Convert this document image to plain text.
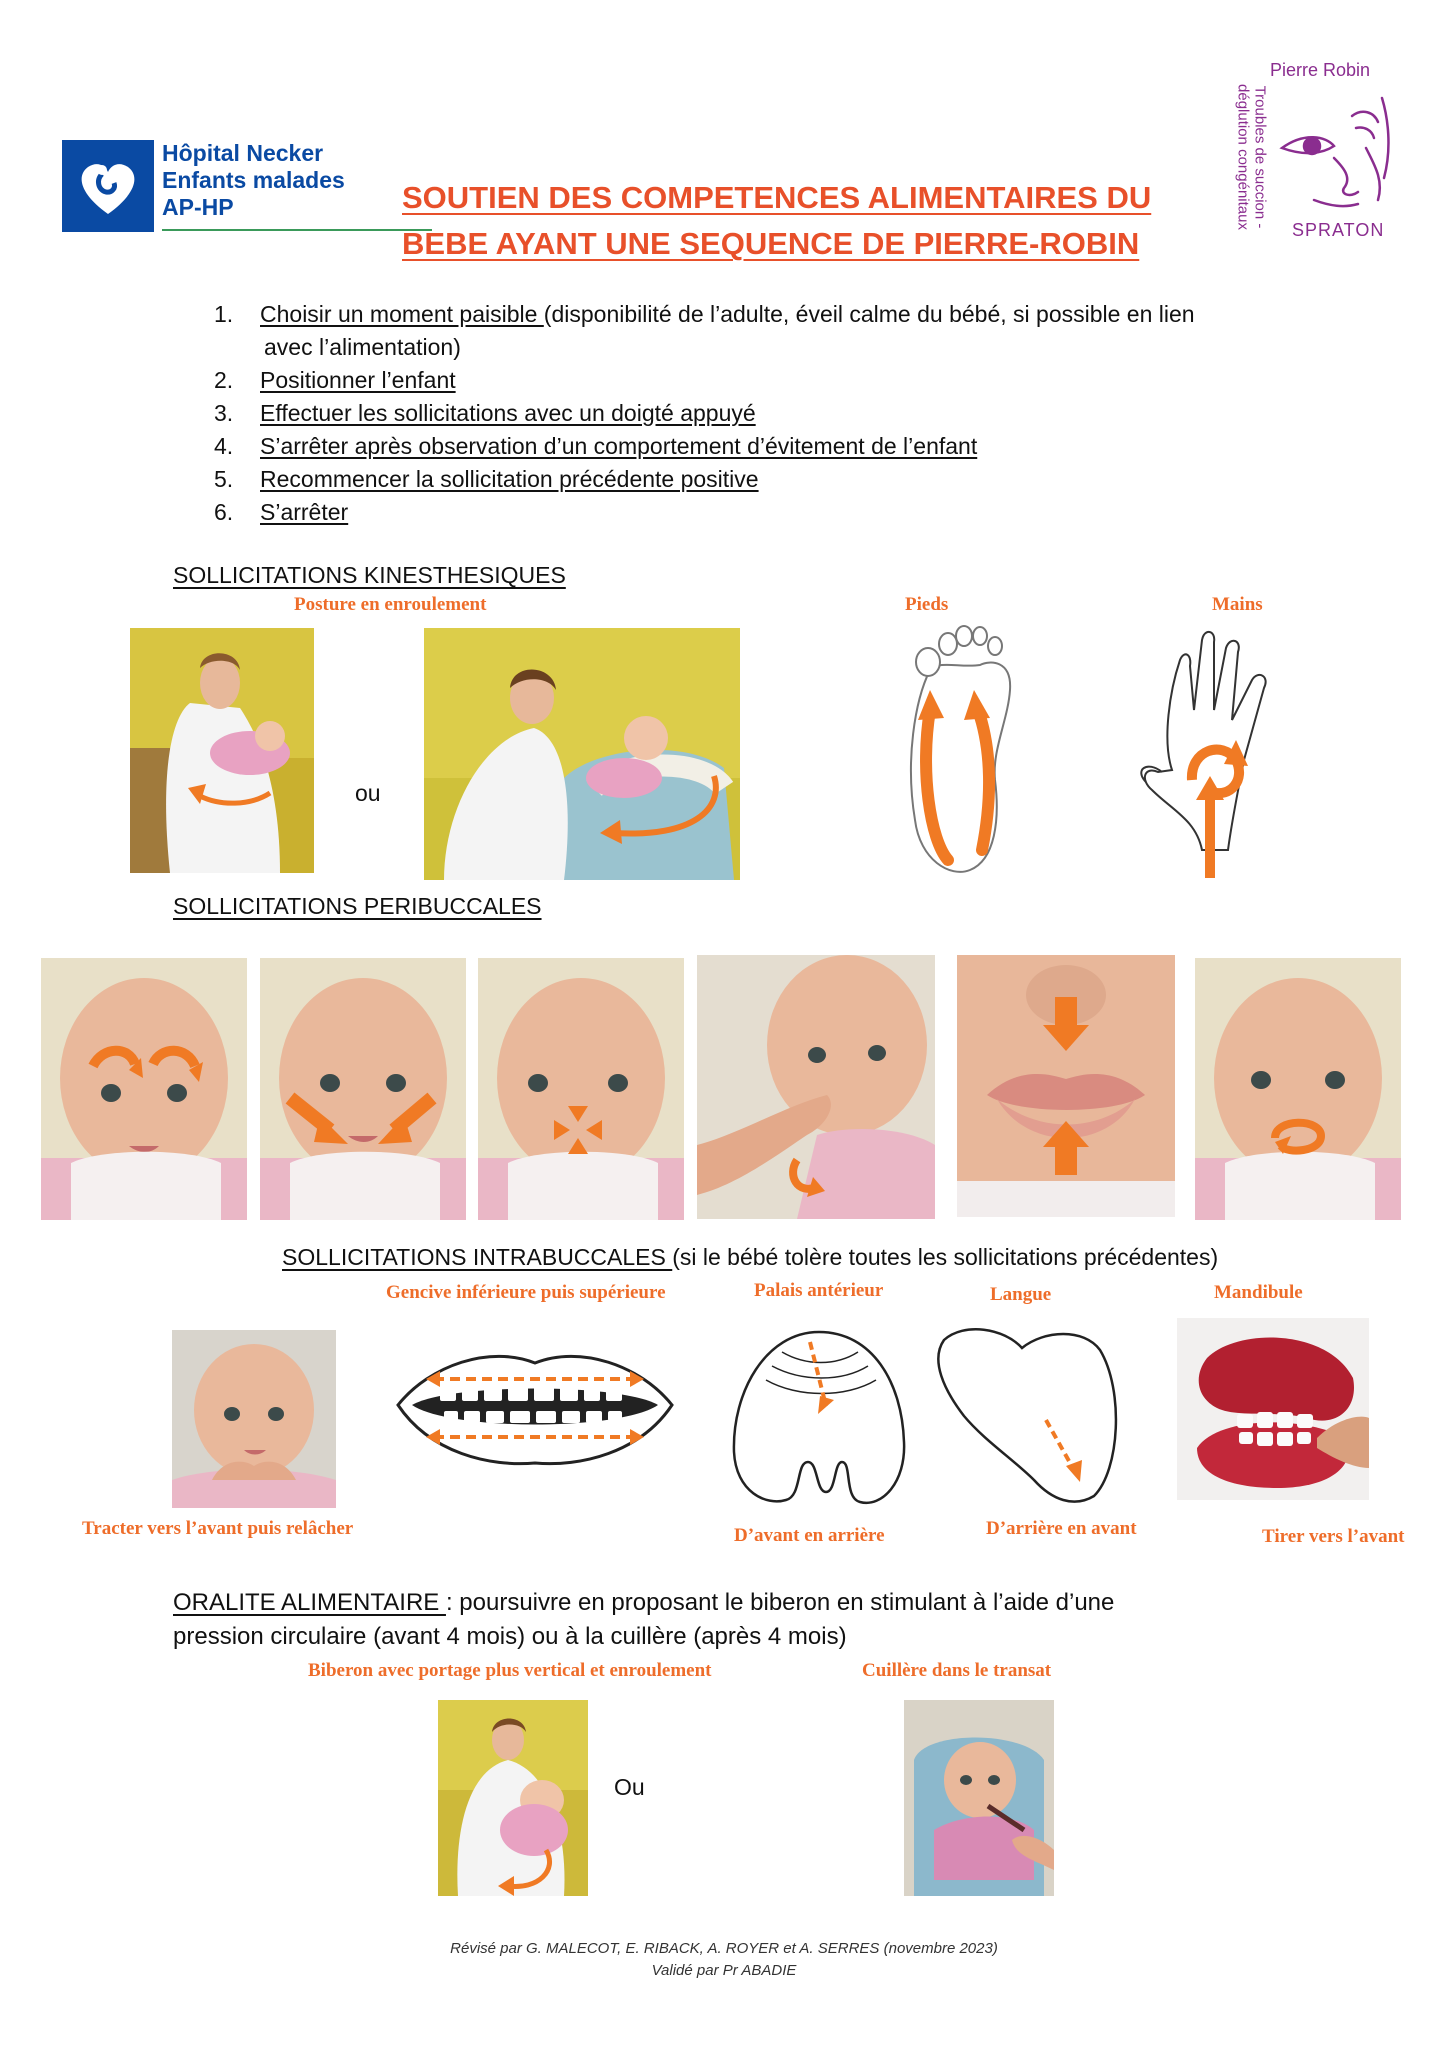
Hôpital Necker
Enfants malades
AP-HP	SOUTIEN DES COMPETENCES ALIMENTAIRES DU
BEBE AYANT UNE SEQUENCE DE PIERRE-ROBIN
Pierre Robin
Troubles de succion -
déglution congénitaux
SPRATON
1. Choisir un moment paisible (disponibilité de l’adulte, éveil calme du bébé, si possible en lien
avec l’alimentation)
2. Positionner l’enfant
3. Effectuer les sollicitations avec un doigté appuyé
4. S’arrêter après observation d’un comportement d’évitement de l’enfant
5. Recommencer la sollicitation précédente positive
6. S’arrêter
SOLLICITATIONS KINESTHESIQUES
Posture en enroulement	Pieds	Mains
ou
SOLLICITATIONS PERIBUCCALES
SOLLICITATIONS INTRABUCCALES (si le bébé tolère toutes les sollicitations précédentes)
Gencive inférieure puis supérieure	Palais antérieur	Langue	Mandibule
Tracter vers l’avant puis relâcher	D’avant en arrière	D’arrière en avant	Tirer vers l’avant
ORALITE ALIMENTAIRE : poursuivre en proposant le biberon en stimulant à l’aide d’une
pression circulaire (avant 4 mois) ou à la cuillère (après 4 mois)
Biberon avec portage plus vertical et enroulement	Cuillère dans le transat
Ou
Révisé par G. MALECOT, E. RIBACK, A. ROYER et A. SERRES (novembre 2023)
Validé par Pr ABADIE
